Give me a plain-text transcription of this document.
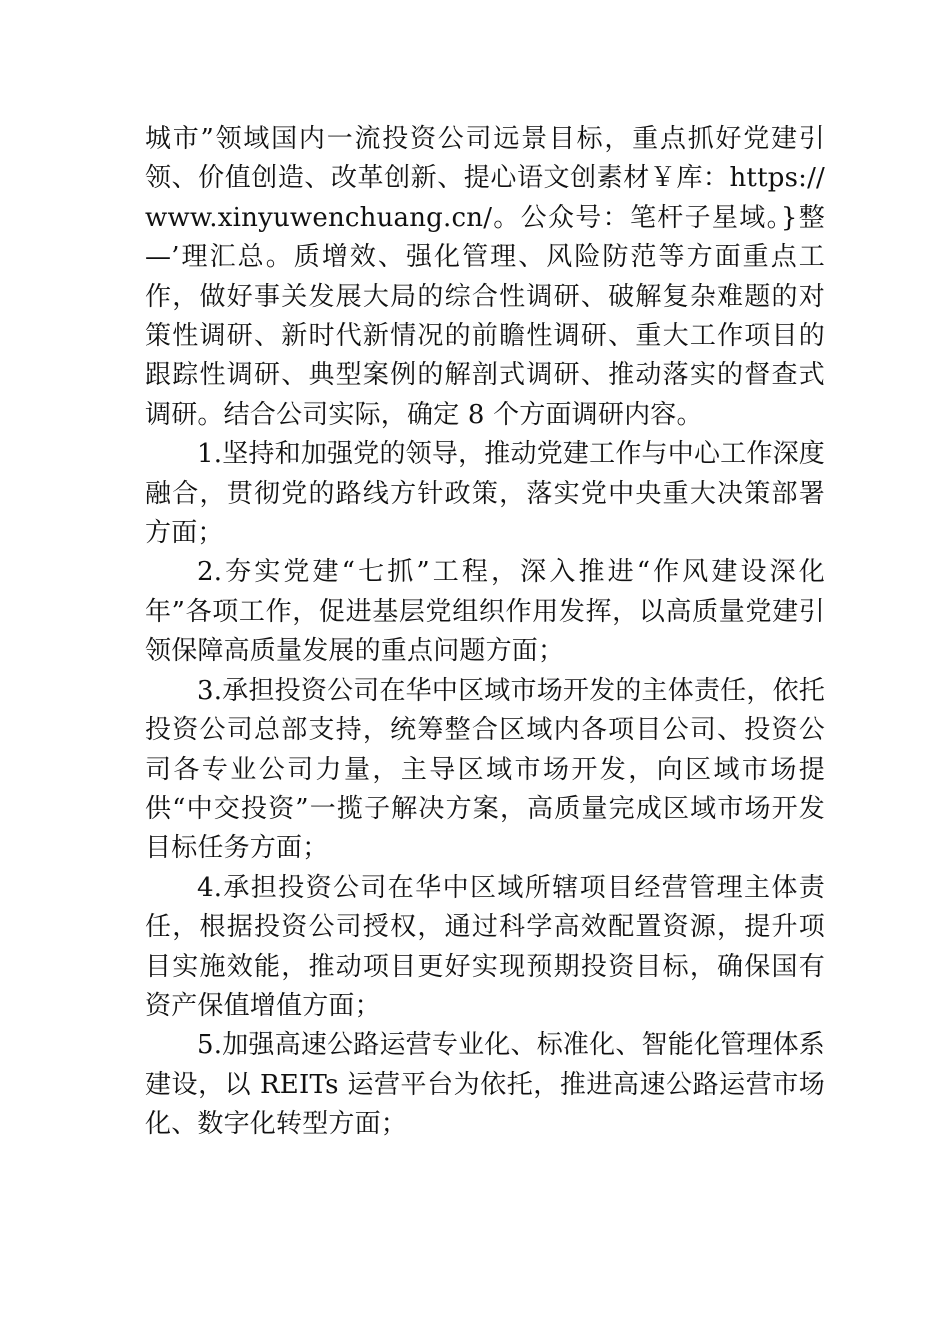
城市”领域国内一流投资公司远景目标，重点抓好党建引领、价值创造、改革创新、提心语文创素材￥库：https:// www.xinyuwenchuang.cn/。公众号：笔杆子星域。}整—’理汇总。质增效、强化管理、风险防范等方面重点工作，做好事关发展大局的综合性调研、破解复杂难题的对策性调研、新时代新情况的前瞻性调研、重大工作项目的跟踪性调研、典型案例的解剖式调研、推动落实的督查式调研。结合公司实际，确定 8 个方面调研内容。

1.坚持和加强党的领导，推动党建工作与中心工作深度融合，贯彻党的路线方针政策，落实党中央重大决策部署方面；

2.夯实党建“七抓”工程，深入推进“作风建设深化年”各项工作，促进基层党组织作用发挥，以高质量党建引领保障高质量发展的重点问题方面；

3.承担投资公司在华中区域市场开发的主体责任，依托投资公司总部支持，统筹整合区域内各项目公司、投资公司各专业公司力量，主导区域市场开发，向区域市场提供“中交投资”一揽子解决方案，高质量完成区域市场开发目标任务方面；

4.承担投资公司在华中区域所辖项目经营管理主体责任，根据投资公司授权，通过科学高效配置资源，提升项目实施效能，推动项目更好实现预期投资目标，确保国有资产保值增值方面；

5.加强高速公路运营专业化、标准化、智能化管理体系建设，以 REITs 运营平台为依托，推进高速公路运营市场化、数字化转型方面；
